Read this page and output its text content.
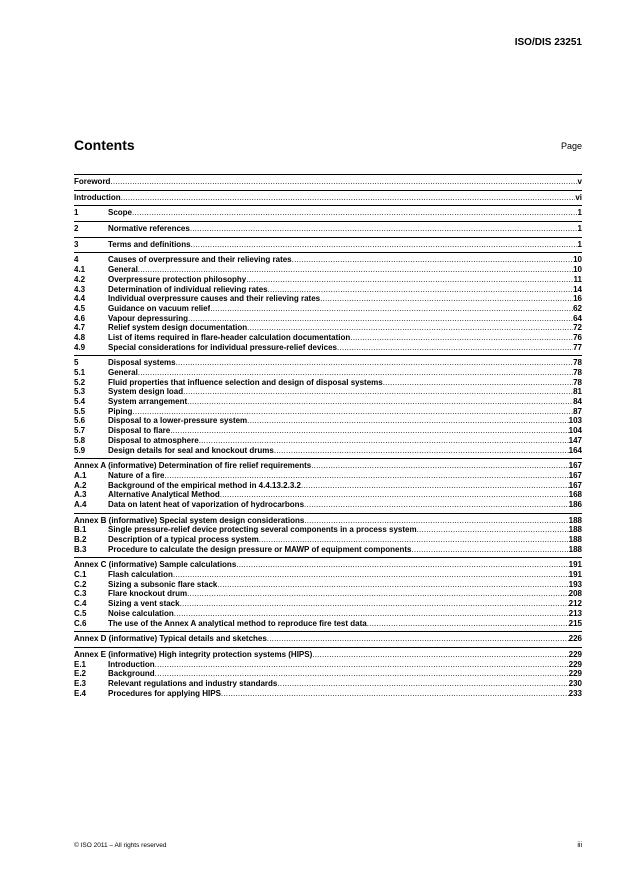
ISO/DIS 23251
Contents	Page
Foreword .....	v
Introduction .....	vi
1	Scope .....	1
2	Normative references .....	1
3	Terms and definitions .....	1
4	Causes of overpressure and their relieving rates .....	10
4.1	General .....	10
4.2	Overpressure protection philosophy .....	11
4.3	Determination of individual relieving rates .....	14
4.4	Individual overpressure causes and their relieving rates .....	16
4.5	Guidance on vacuum relief .....	62
4.6	Vapour depressuring .....	64
4.7	Relief system design documentation .....	72
4.8	List of items required in flare-header calculation documentation .....	76
4.9	Special considerations for individual pressure-relief devices .....	77
5	Disposal systems .....	78
5.1	General .....	78
5.2	Fluid properties that influence selection and design of disposal systems .....	78
5.3	System design load .....	81
5.4	System arrangement .....	84
5.5	Piping .....	87
5.6	Disposal to a lower-pressure system .....	103
5.7	Disposal to flare .....	104
5.8	Disposal to atmosphere .....	147
5.9	Design details for seal and knockout drums .....	164
Annex A (informative) Determination of fire relief requirements .....	167
A.1	Nature of a fire .....	167
A.2	Background of the empirical method in 4.4.13.2.3.2 .....	167
A.3	Alternative Analytical Method .....	168
A.4	Data on latent heat of vaporization of hydrocarbons .....	186
Annex B (informative) Special system design considerations .....	188
B.1	Single pressure-relief device protecting several components in a process system .....	188
B.2	Description of a typical process system .....	188
B.3	Procedure to calculate the design pressure or MAWP of equipment components .....	188
Annex C (informative) Sample calculations .....	191
C.1	Flash calculation .....	191
C.2	Sizing a subsonic flare stack .....	193
C.3	Flare knockout drum .....	208
C.4	Sizing a vent stack .....	212
C.5	Noise calculation .....	213
C.6	The use of the Annex A analytical method to reproduce fire test data .....	215
Annex D (informative) Typical details and sketches .....	226
Annex E (informative) High integrity protection systems (HIPS) .....	229
E.1	Introduction .....	229
E.2	Background .....	229
E.3	Relevant regulations and industry standards .....	230
E.4	Procedures for applying HIPS .....	233
© ISO 2011 – All rights reserved	iii
